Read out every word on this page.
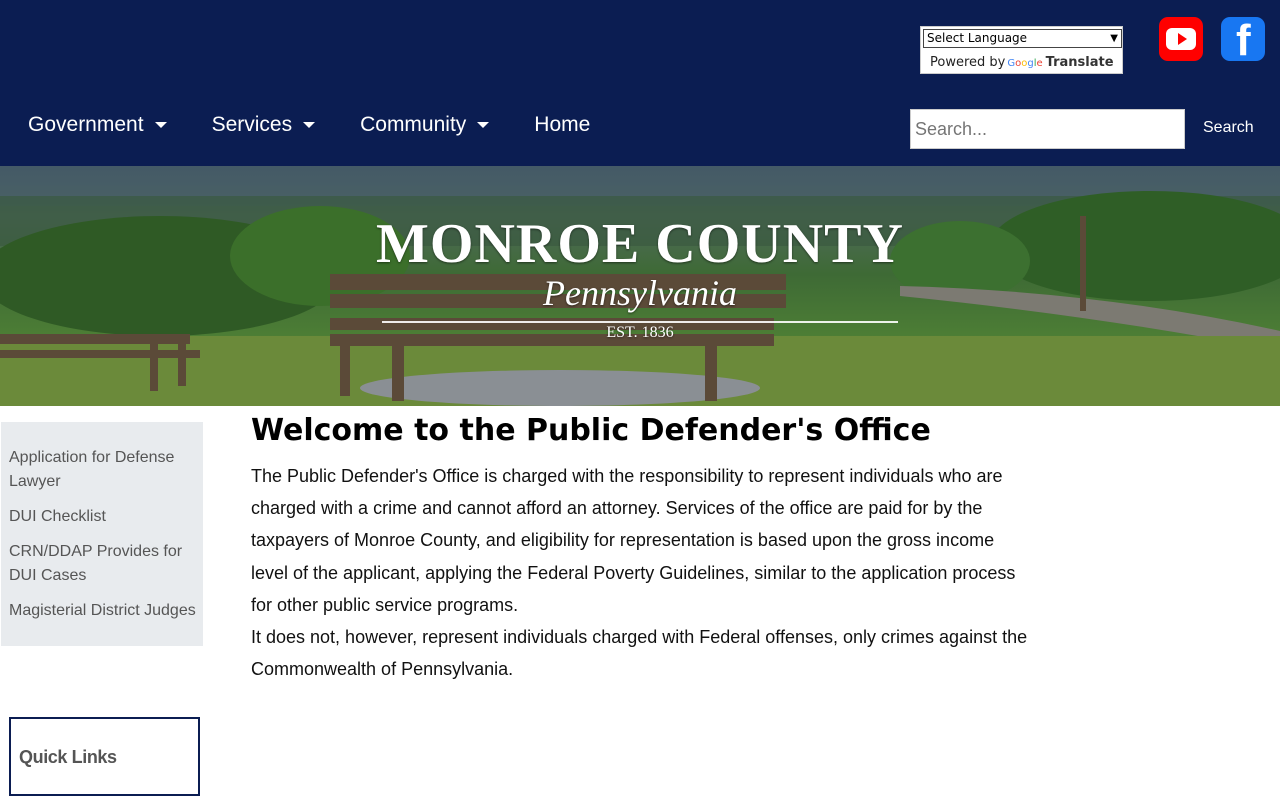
Select Language	▼
Powered by Google Translate	f
Government	Services	Community	Home
Search...	Search
MONROE COUNTY
Pennsylvania
EST. 1836
Application for Defense Lawyer
DUI Checklist
CRN/DDAP Provides for DUI Cases
Magisterial District Judges
Quick Links
Welcome to the Public Defender's Office

The Public Defender's Office is charged with the responsibility to represent individuals who are charged with a crime and cannot afford an attorney. Services of the office are paid for by the taxpayers of Monroe County, and eligibility for representation is based upon the gross income level of the applicant, applying the Federal Poverty Guidelines, similar to the application process for other public service programs.

It does not, however, represent individuals charged with Federal offenses, only crimes against the Commonwealth of Pennsylvania.
